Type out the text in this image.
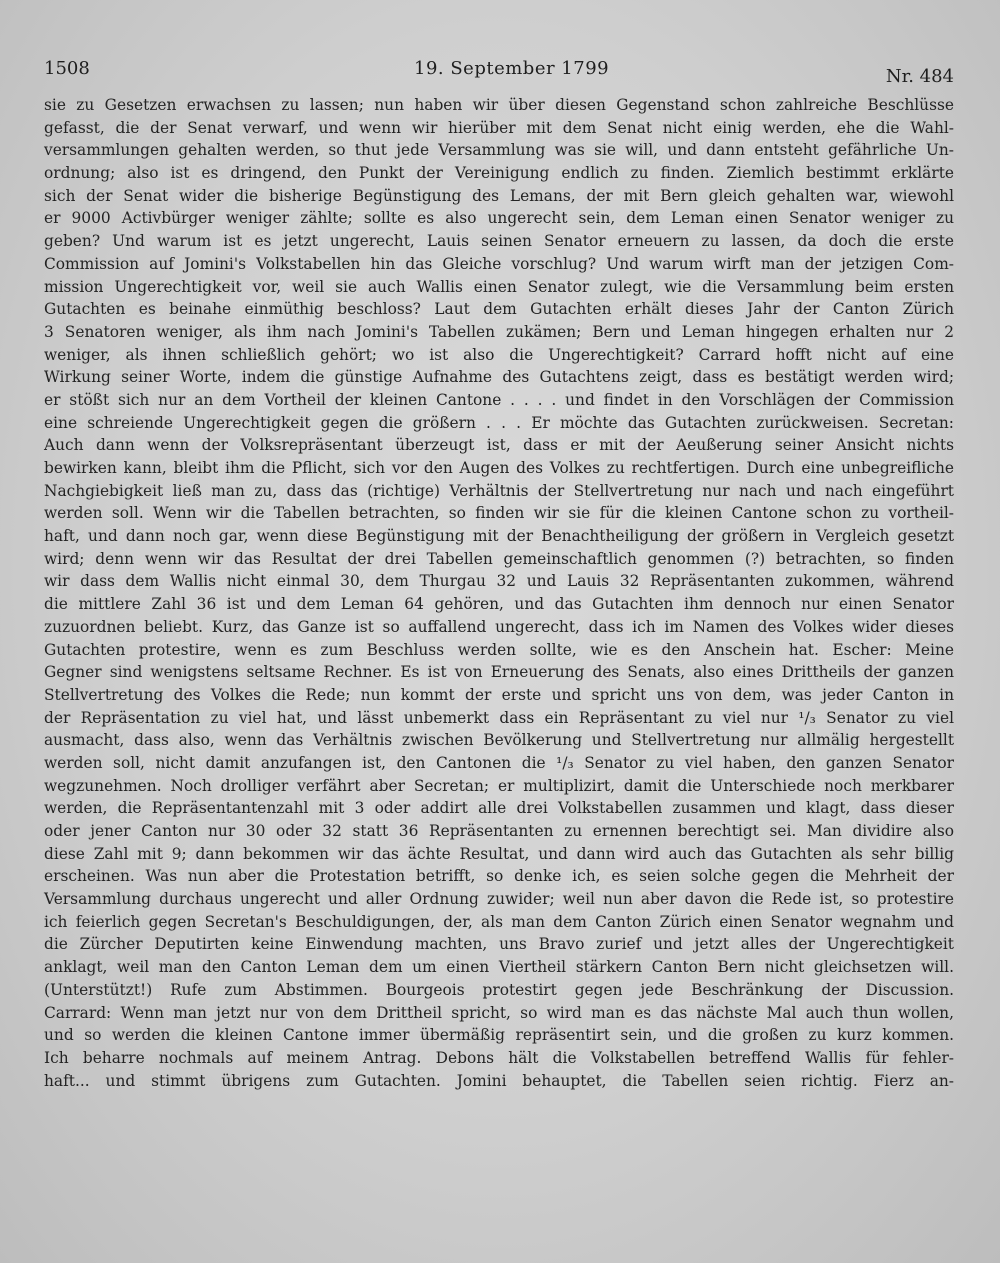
1508	19. September 1799	Nr. 484
sie zu Gesetzen erwachsen zu lassen; nun haben wir über diesen Gegenstand schon zahlreiche Beschlüsse
gefasst, die der Senat verwarf, und wenn wir hierüber mit dem Senat nicht einig werden, ehe die Wahl-
versammlungen gehalten werden, so thut jede Versammlung was sie will, und dann entsteht gefährliche Un-
ordnung; also ist es dringend, den Punkt der Vereinigung endlich zu finden. Ziemlich bestimmt erklärte
sich der Senat wider die bisherige Begünstigung des Lemans, der mit Bern gleich gehalten war, wiewohl
er 9000 Activbürger weniger zählte; sollte es also ungerecht sein, dem Leman einen Senator weniger zu
geben? Und warum ist es jetzt ungerecht, Lauis seinen Senator erneuern zu lassen, da doch die erste
Commission auf Jomini's Volkstabellen hin das Gleiche vorschlug? Und warum wirft man der jetzigen Com-
mission Ungerechtigkeit vor, weil sie auch Wallis einen Senator zulegt, wie die Versammlung beim ersten
Gutachten es beinahe einmüthig beschloss? Laut dem Gutachten erhält dieses Jahr der Canton Zürich
3 Senatoren weniger, als ihm nach Jomini's Tabellen zukämen; Bern und Leman hingegen erhalten nur 2
weniger, als ihnen schließlich gehört; wo ist also die Ungerechtigkeit? Carrard hofft nicht auf eine
Wirkung seiner Worte, indem die günstige Aufnahme des Gutachtens zeigt, dass es bestätigt werden wird;
er stößt sich nur an dem Vortheil der kleinen Cantone . . . . und findet in den Vorschlägen der Commission
eine schreiende Ungerechtigkeit gegen die größern . . . Er möchte das Gutachten zurückweisen. Secretan:
Auch dann wenn der Volksrepräsentant überzeugt ist, dass er mit der Aeußerung seiner Ansicht nichts
bewirken kann, bleibt ihm die Pflicht, sich vor den Augen des Volkes zu rechtfertigen. Durch eine unbegreifliche
Nachgiebigkeit ließ man zu, dass das (richtige) Verhältnis der Stellvertretung nur nach und nach eingeführt
werden soll. Wenn wir die Tabellen betrachten, so finden wir sie für die kleinen Cantone schon zu vortheil-
haft, und dann noch gar, wenn diese Begünstigung mit der Benachtheiligung der größern in Vergleich gesetzt
wird; denn wenn wir das Resultat der drei Tabellen gemeinschaftlich genommen (?) betrachten, so finden
wir dass dem Wallis nicht einmal 30, dem Thurgau 32 und Lauis 32 Repräsentanten zukommen, während
die mittlere Zahl 36 ist und dem Leman 64 gehören, und das Gutachten ihm dennoch nur einen Senator
zuzuordnen beliebt. Kurz, das Ganze ist so auffallend ungerecht, dass ich im Namen des Volkes wider dieses
Gutachten protestire, wenn es zum Beschluss werden sollte, wie es den Anschein hat. Escher: Meine
Gegner sind wenigstens seltsame Rechner. Es ist von Erneuerung des Senats, also eines Drittheils der ganzen
Stellvertretung des Volkes die Rede; nun kommt der erste und spricht uns von dem, was jeder Canton in
der Repräsentation zu viel hat, und lässt unbemerkt dass ein Repräsentant zu viel nur ¹/₃ Senator zu viel
ausmacht, dass also, wenn das Verhältnis zwischen Bevölkerung und Stellvertretung nur allmälig hergestellt
werden soll, nicht damit anzufangen ist, den Cantonen die ¹/₃ Senator zu viel haben, den ganzen Senator
wegzunehmen. Noch drolliger verfährt aber Secretan; er multiplizirt, damit die Unterschiede noch merkbarer
werden, die Repräsentantenzahl mit 3 oder addirt alle drei Volkstabellen zusammen und klagt, dass dieser
oder jener Canton nur 30 oder 32 statt 36 Repräsentanten zu ernennen berechtigt sei. Man dividire also
diese Zahl mit 9; dann bekommen wir das ächte Resultat, und dann wird auch das Gutachten als sehr billig
erscheinen. Was nun aber die Protestation betrifft, so denke ich, es seien solche gegen die Mehrheit der
Versammlung durchaus ungerecht und aller Ordnung zuwider; weil nun aber davon die Rede ist, so protestire
ich feierlich gegen Secretan's Beschuldigungen, der, als man dem Canton Zürich einen Senator wegnahm und
die Zürcher Deputirten keine Einwendung machten, uns Bravo zurief und jetzt alles der Ungerechtigkeit
anklagt, weil man den Canton Leman dem um einen Viertheil stärkern Canton Bern nicht gleichsetzen will.
(Unterstützt!) Rufe zum Abstimmen. Bourgeois protestirt gegen jede Beschränkung der Discussion.
Carrard: Wenn man jetzt nur von dem Drittheil spricht, so wird man es das nächste Mal auch thun wollen,
und so werden die kleinen Cantone immer übermäßig repräsentirt sein, und die großen zu kurz kommen.
Ich beharre nochmals auf meinem Antrag. Debons hält die Volkstabellen betreffend Wallis für fehler-
haft... und stimmt übrigens zum Gutachten. Jomini behauptet, die Tabellen seien richtig. Fierz an-
